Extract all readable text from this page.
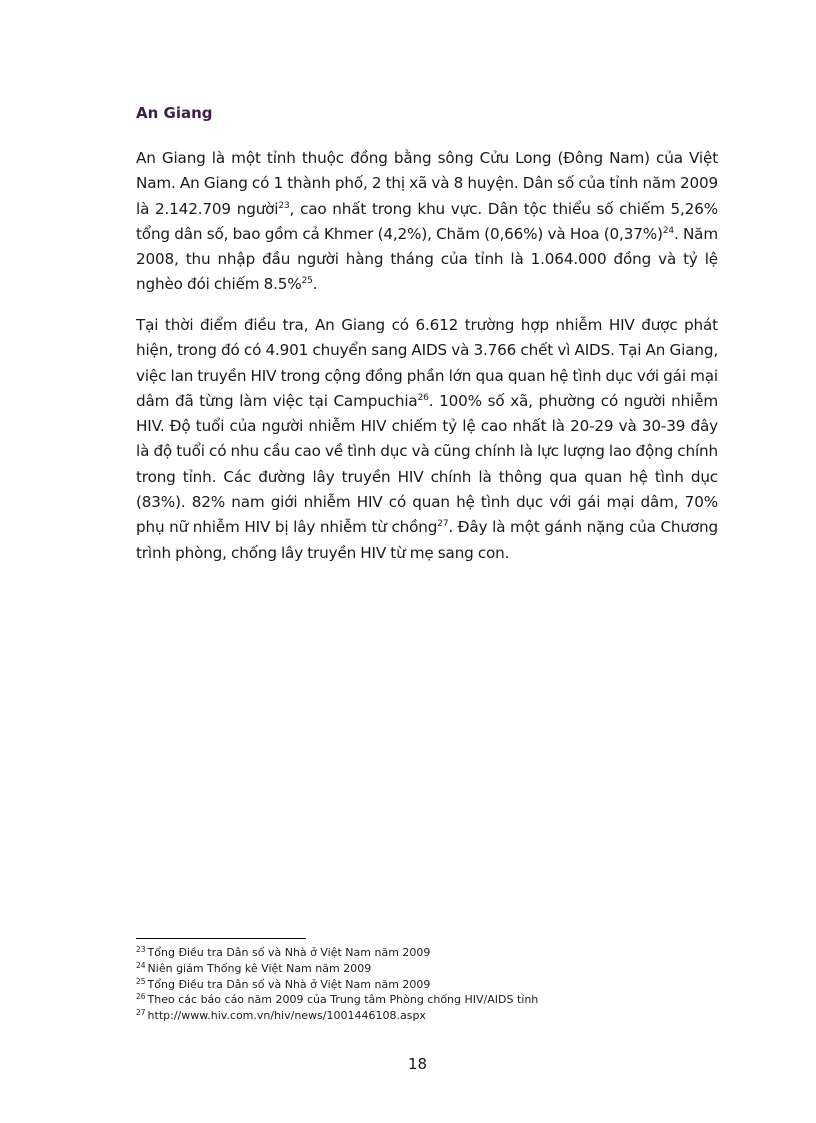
An Giang

An Giang là một tỉnh thuộc đồng bằng sông Cửu Long (Đông Nam) của Việt Nam. An Giang có 1 thành phố, 2 thị xã và 8 huyện. Dân số của tỉnh năm 2009 là 2.142.709 người$^{23}$, cao nhất trong khu vực. Dân tộc thiểu số chiếm 5,26% tổng dân số, bao gồm cả Khmer (4,2%), Chăm (0,66%) và Hoa $(0,37\%)^{24}$. Năm 2008, thu nhập đầu người hàng tháng của tỉnh là 1.064.000 đồng và tỷ lệ nghèo đói chiếm 8.5%$^{25}$.

Tại thời điểm điều tra, An Giang có 6.612 trường hợp nhiễm HIV được phát hiện, trong đó có 4.901 chuyển sang AIDS và 3.766 chết vì AIDS. Tại An Giang, việc lan truyền HIV trong cộng đồng phần lớn qua quan hệ tình dục với gái mại dâm đã từng làm việc tại Campuchia$^{26}$. 100% số xã, phường có người nhiễm HIV. Độ tuổi của người nhiễm HIV chiếm tỷ lệ cao nhất là 20-29 và 30-39 đây là độ tuổi có nhu cầu cao về tình dục và cũng chính là lực lượng lao động chính trong tỉnh. Các đường lây truyền HIV chính là thông qua quan hệ tình dục (83%). 82% nam giới nhiễm HIV có quan hệ tình dục với gái mại dâm, 70% phụ nữ nhiễm HIV bị lây nhiễm từ chồng$^{27}$. Đây là một gánh nặng của Chương trình phòng, chống lây truyền HIV từ mẹ sang con.

$^{23}$ Tổng Điều tra Dân số và Nhà ở Việt Nam năm 2009
$^{24}$ Niên giám Thống kê Việt Nam năm 2009
$^{25}$ Tổng Điều tra Dân số và Nhà ở Việt Nam năm 2009
$^{26}$ Theo các báo cáo năm 2009 của Trung tâm Phòng chống HIV/AIDS tỉnh
$^{27}$ http://www.hiv.com.vn/hiv/news/1001446108.aspx
18
